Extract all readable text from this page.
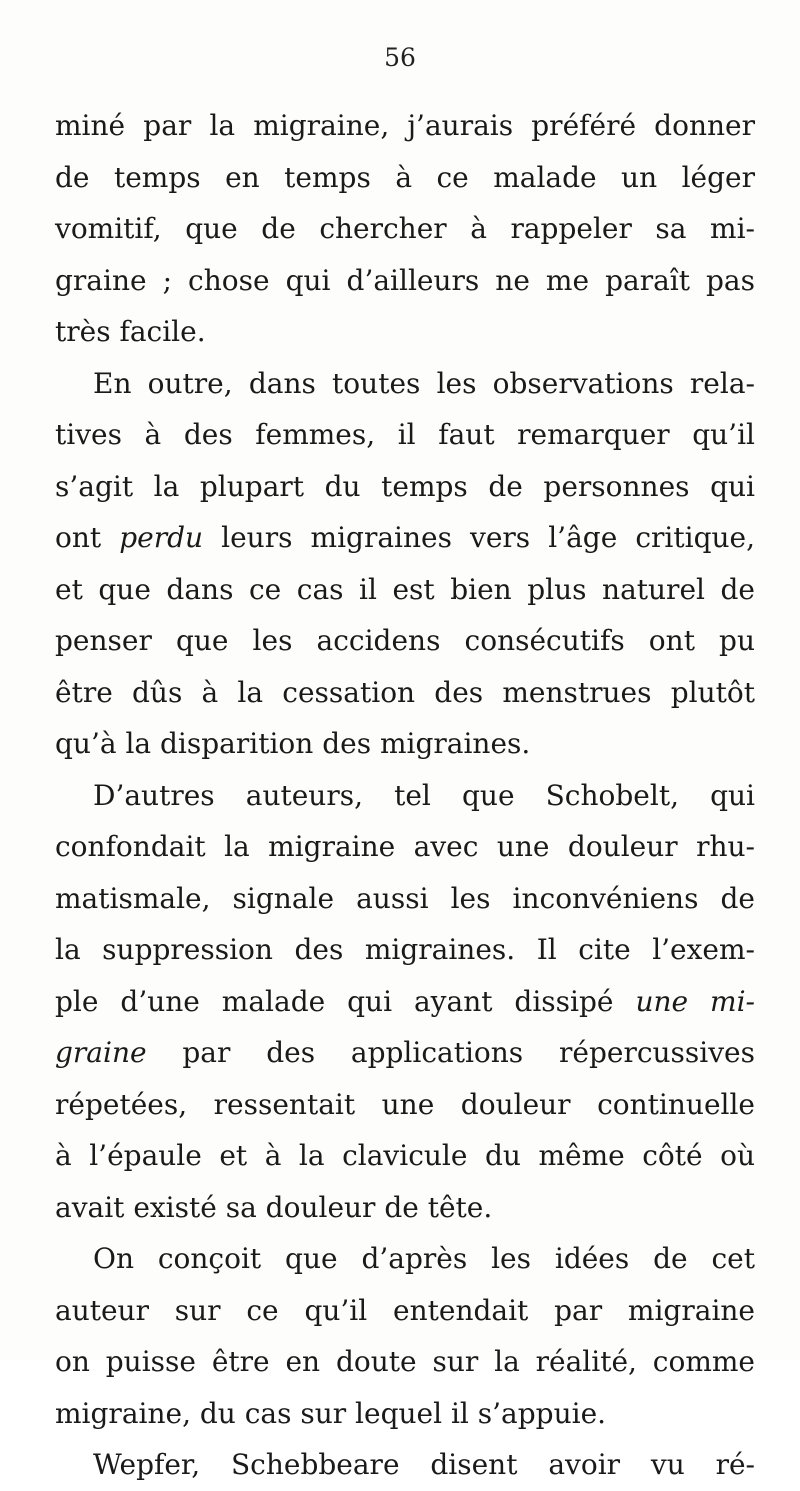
56
miné par la migraine, j’aurais préféré donner
de temps en temps à ce malade un léger
vomitif, que de chercher à rappeler sa mi-
graine ; chose qui d’ailleurs ne me paraît pas
très facile.
En outre, dans toutes les observations rela-
tives à des femmes, il faut remarquer qu’il
s’agit la plupart du temps de personnes qui
ont perdu leurs migraines vers l’âge critique,
et que dans ce cas il est bien plus naturel de
penser que les accidens consécutifs ont pu
être dûs à la cessation des menstrues plutôt
qu’à la disparition des migraines.
D’autres auteurs, tel que Schobelt, qui
confondait la migraine avec une douleur rhu-
matismale, signale aussi les inconvéniens de
la suppression des migraines. Il cite l’exem-
ple d’une malade qui ayant dissipé une mi-
graine par des applications répercussives
répetées, ressentait une douleur continuelle
à l’épaule et à la clavicule du même côté où
avait existé sa douleur de tête.
On conçoit que d’après les idées de cet
auteur sur ce qu’il entendait par migraine
on puisse être en doute sur la réalité, comme
migraine, du cas sur lequel il s’appuie.
Wepfer, Schebbeare disent avoir vu ré-
